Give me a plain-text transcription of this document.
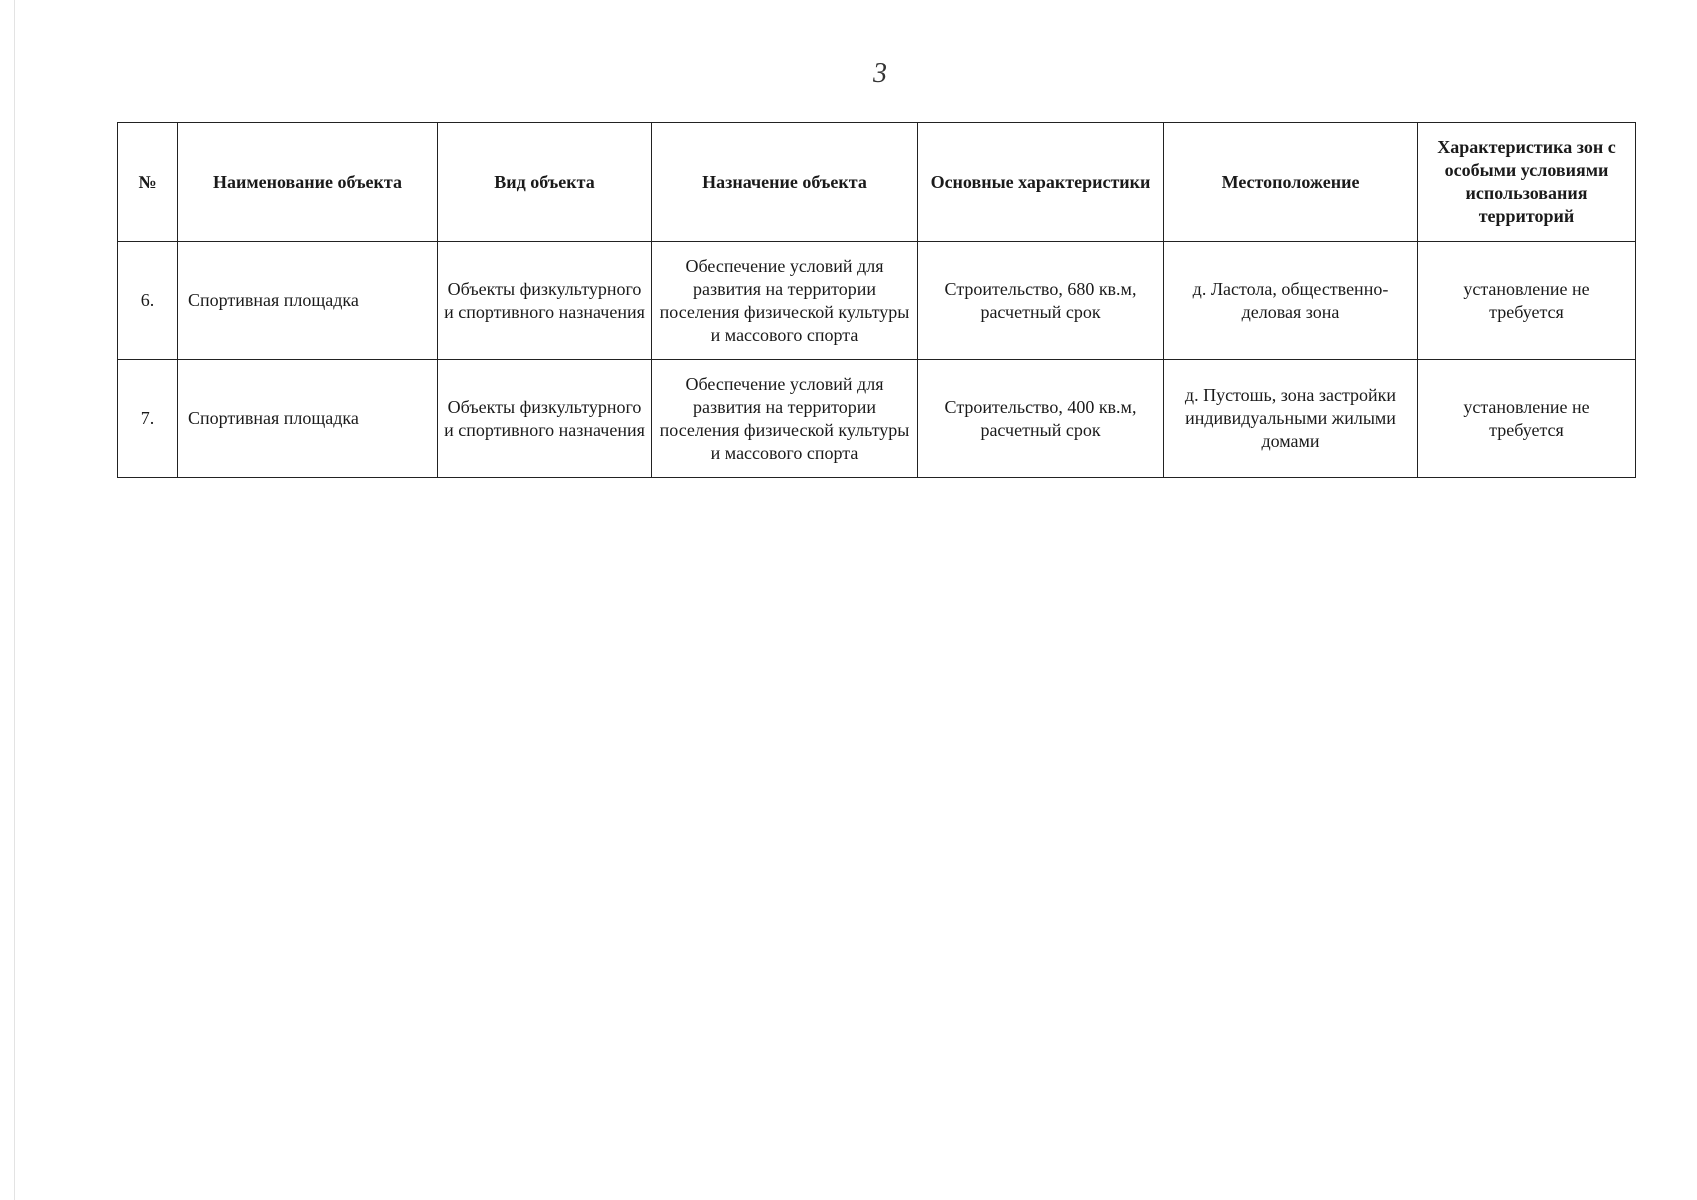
3
№	Наименование объекта	Вид объекта	Назначение объекта	Основные характеристики	Местоположение	Характеристика зон с особыми условиями использования территорий
6.	Спортивная площадка	Объекты физкультурного и спортивного назначения	Обеспечение условий для развития на территории поселения физической культуры и массового спорта	Строительство, 680 кв.м, расчетный срок	д. Ластола, общественно-деловая зона	установление не требуется
7.	Спортивная площадка	Объекты физкультурного и спортивного назначения	Обеспечение условий для развития на территории поселения физической культуры и массового спорта	Строительство, 400 кв.м, расчетный срок	д. Пустошь, зона застройки индивидуальными жилыми домами	установление не требуется
